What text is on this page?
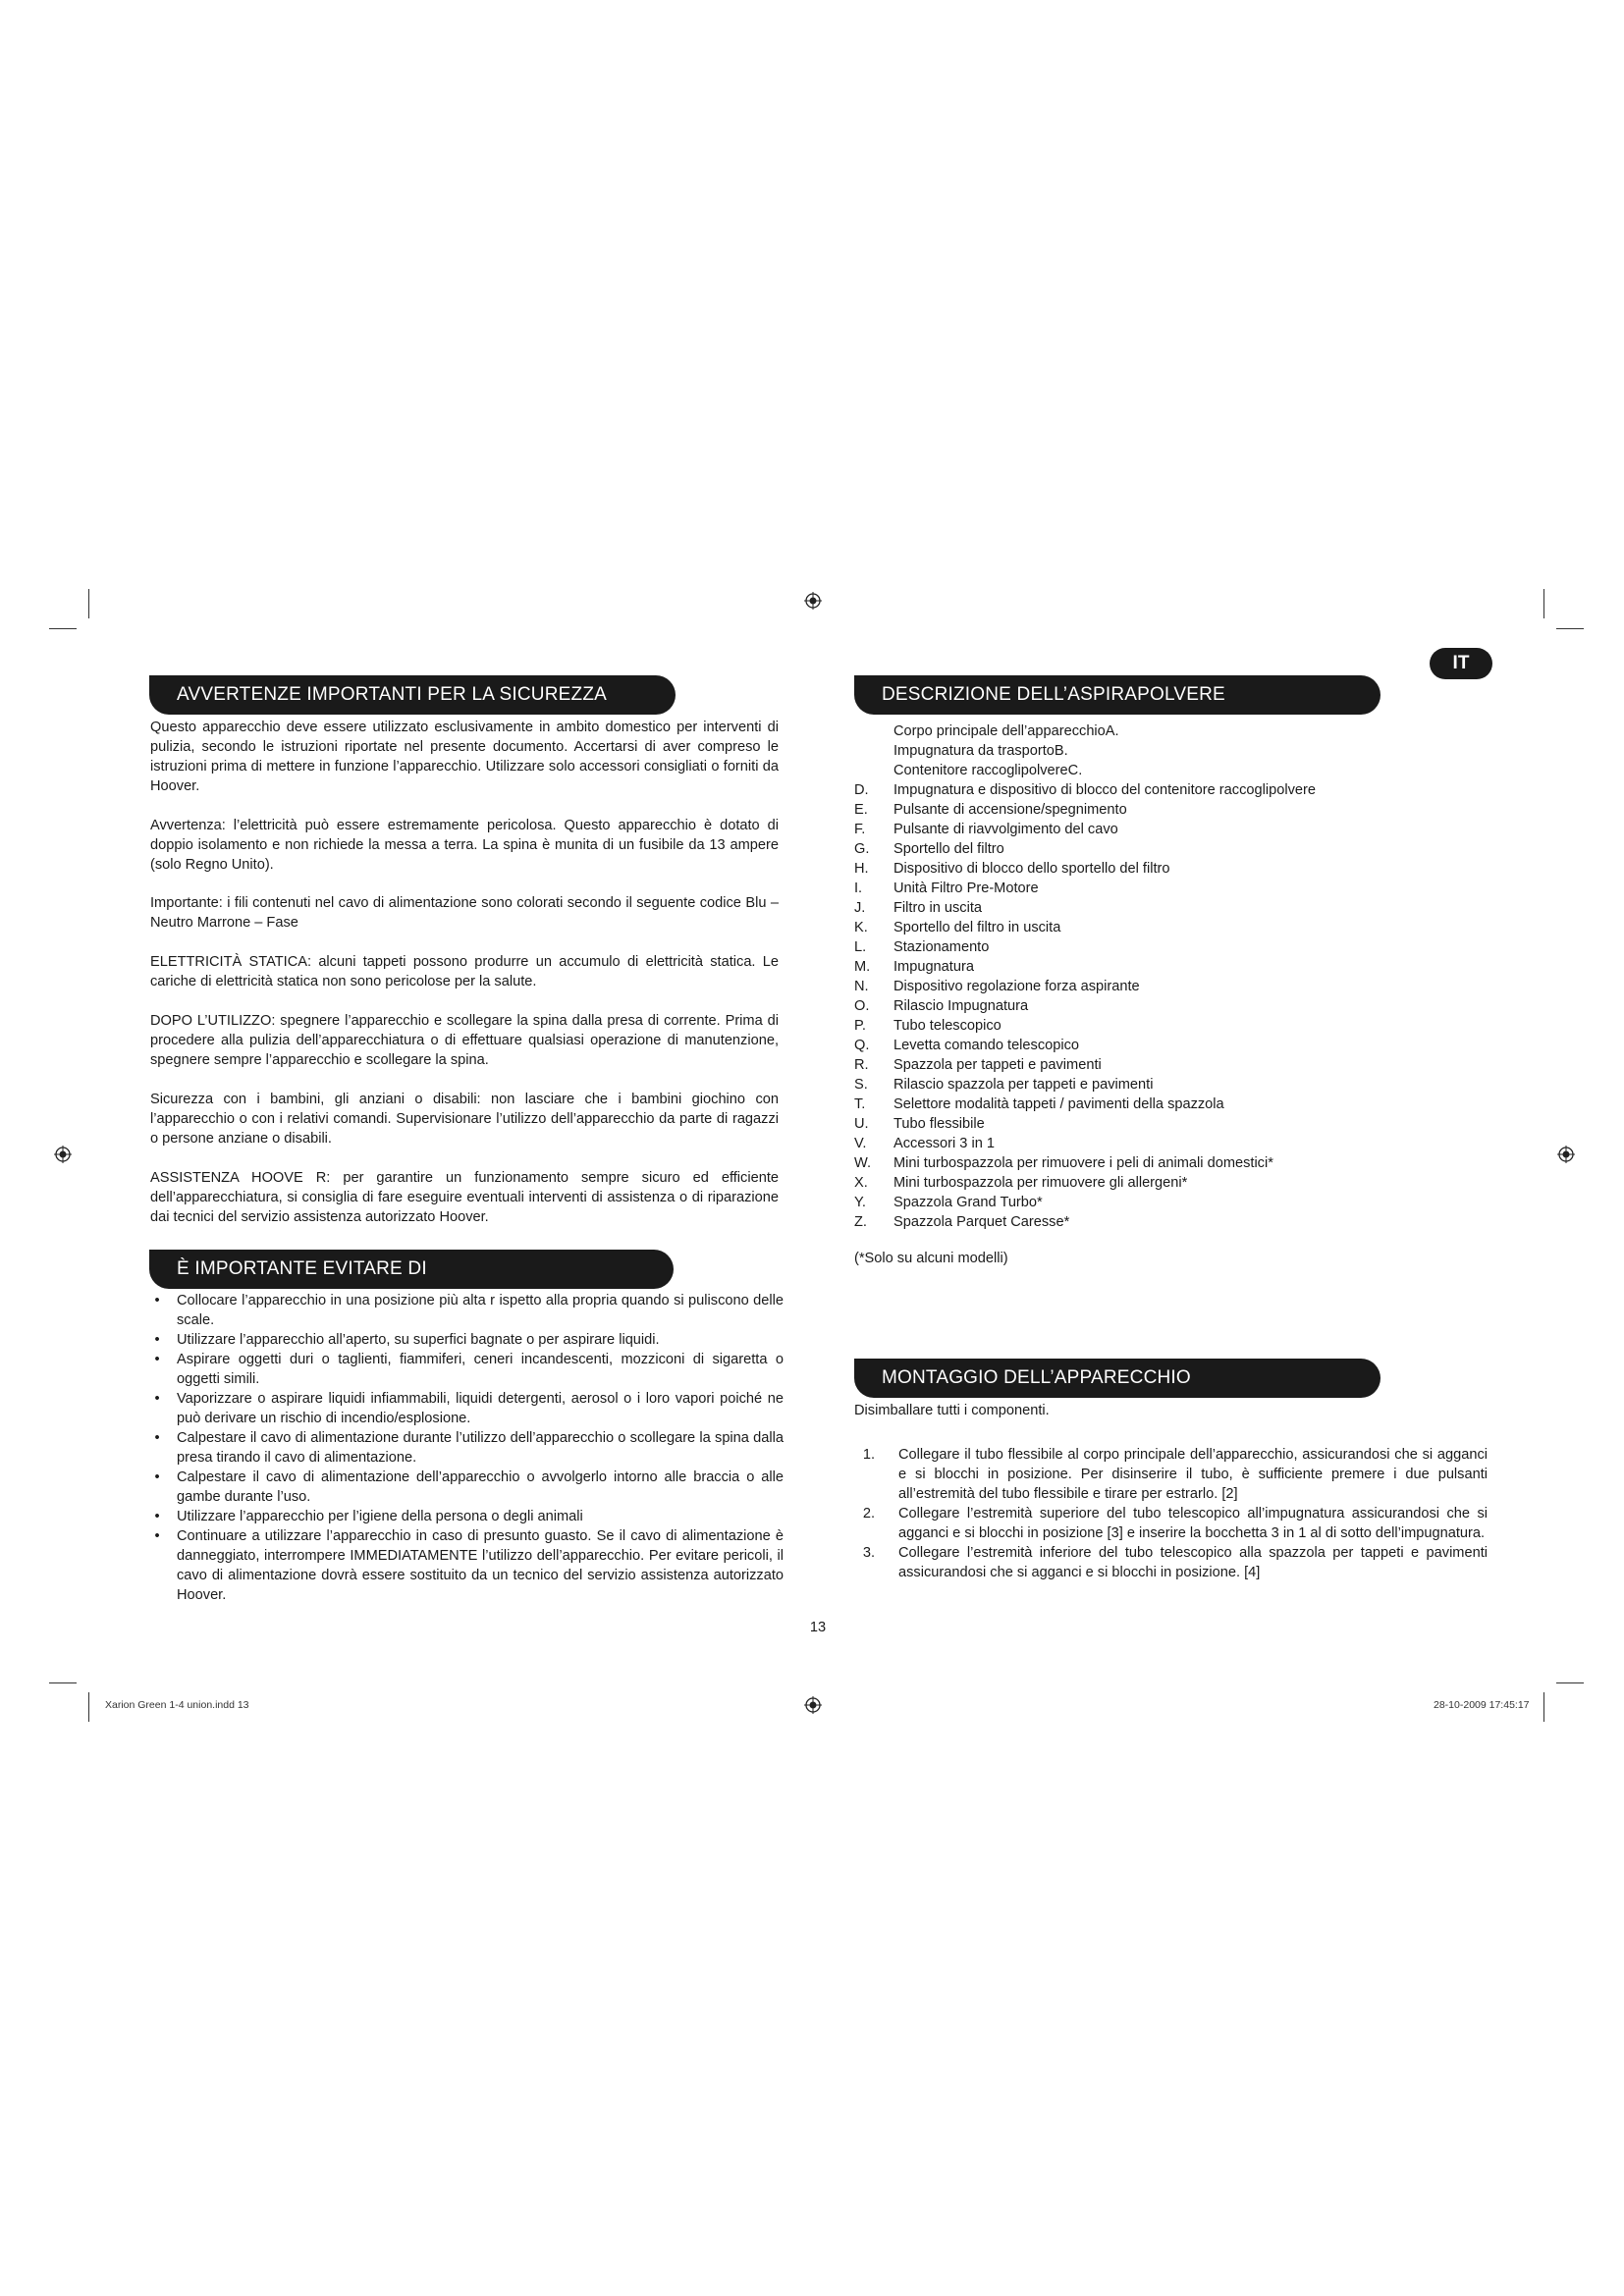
IT
AVVERTENZE IMPORTANTI PER LA SICUREZZA
Questo apparecchio deve essere utilizzato esclusivamente in ambito domestico per interventi di pulizia, secondo le istruzioni riportate nel presente documento. Accertarsi di aver compreso le istruzioni prima di mettere in funzione l’apparecchio. Utilizzare solo accessori consigliati o forniti da Hoover.
Avvertenza: l’elettricità può essere estremamente pericolosa. Questo apparecchio è dotato di doppio isolamento e non richiede la messa a terra. La spina è munita di un fusibile da 13 ampere (solo Regno Unito).
Importante: i fili contenuti nel cavo di alimentazione sono colorati secondo il seguente codice Blu – Neutro Marrone – Fase
ELETTRICITÀ STATICA: alcuni tappeti possono produrre un accumulo di elettricità statica. Le cariche di elettricità statica non sono pericolose per la salute.
DOPO L’UTILIZZO: spegnere l’apparecchio e scollegare la spina dalla presa di corrente. Prima di procedere alla pulizia dell’apparecchiatura o di effettuare qualsiasi operazione di manutenzione, spegnere sempre l’apparecchio e scollegare la spina.
Sicurezza con i bambini, gli anziani o disabili: non lasciare che i bambini giochino con l’apparecchio o con i relativi comandi. Supervisionare l’utilizzo dell’apparecchio da parte di ragazzi o persone anziane o disabili.
ASSISTENZA HOOVE R: per garantire un funzionamento sempre sicuro ed efficiente dell’apparecchiatura, si consiglia di fare eseguire eventuali interventi di assistenza o di riparazione dai tecnici del servizio assistenza autorizzato Hoover.
È IMPORTANTE EVITARE DI
•	Collocare l’apparecchio in una posizione più alta r ispetto alla propria quando si puliscono delle scale.
•	Utilizzare l’apparecchio all’aperto, su superfici bagnate o per aspirare liquidi.
•	Aspirare oggetti duri o taglienti, fiammiferi, ceneri incandescenti, mozziconi di sigaretta o oggetti simili.
•	Vaporizzare o aspirare liquidi infiammabili, liquidi detergenti, aerosol o i loro vapori poiché ne può derivare un rischio di incendio/esplosione.
•	Calpestare il cavo di alimentazione durante l’utilizzo dell’apparecchio o scollegare la spina dalla presa tirando il cavo di alimentazione.
•	Calpestare il cavo di alimentazione dell’apparecchio o avvolgerlo intorno alle braccia o alle gambe durante l’uso.
•	Utilizzare l’apparecchio per l’igiene della persona o degli animali
•	Continuare a utilizzare l’apparecchio in caso di presunto guasto. Se il cavo di alimentazione è danneggiato, interrompere IMMEDIATAMENTE l’utilizzo dell’apparecchio. Per evitare pericoli, il cavo di alimentazione dovrà essere sostituito da un tecnico del servizio assistenza autorizzato Hoover.
DESCRIZIONE DELL’ASPIRAPOLVERE
Corpo principale dell’apparecchioA.
Impugnatura da trasportoB.
Contenitore raccoglipolvereC.
D.	Impugnatura e dispositivo di blocco del contenitore raccoglipolvere
E.	Pulsante di accensione/spegnimento
F.	Pulsante di riavvolgimento del cavo
G.	Sportello del filtro
H.	Dispositivo di blocco dello sportello del filtro
I.	Unità Filtro Pre-Motore
J.	Filtro in uscita
K.	Sportello del filtro in uscita
L.	Stazionamento
M.	Impugnatura
N.	Dispositivo regolazione forza aspirante
O.	Rilascio Impugnatura
P.	Tubo telescopico
Q.	Levetta comando telescopico
R.	Spazzola per tappeti e pavimenti
S.	Rilascio spazzola per tappeti e pavimenti
T.	Selettore modalità tappeti / pavimenti della spazzola
U.	Tubo flessibile
V.	Accessori 3 in 1
W.	Mini turbospazzola per rimuovere i peli di animali domestici*
X.	Mini turbospazzola per rimuovere gli allergeni*
Y.	Spazzola Grand Turbo*
Z.	Spazzola Parquet Caresse*
(*Solo su alcuni modelli)
MONTAGGIO DELL’APPARECCHIO
Disimballare tutti i componenti.
1.	Collegare il tubo flessibile al corpo principale dell’apparecchio, assicurandosi che si agganci e si blocchi in posizione. Per disinserire il tubo, è sufficiente premere i due pulsanti all’estremità del tubo flessibile e tirare per estrarlo. [2]
2.	Collegare l’estremità superiore del tubo telescopico all’impugnatura assicurandosi che si agganci e si blocchi in posizione [3] e inserire la bocchetta 3 in 1 al di sotto dell’impugnatura.
3.	Collegare l’estremità inferiore del tubo telescopico alla spazzola per tappeti e pavimenti assicurandosi che si agganci e si blocchi in posizione. [4]
13
Xarion Green 1-4 union.indd 13	28-10-2009 17:45:17
